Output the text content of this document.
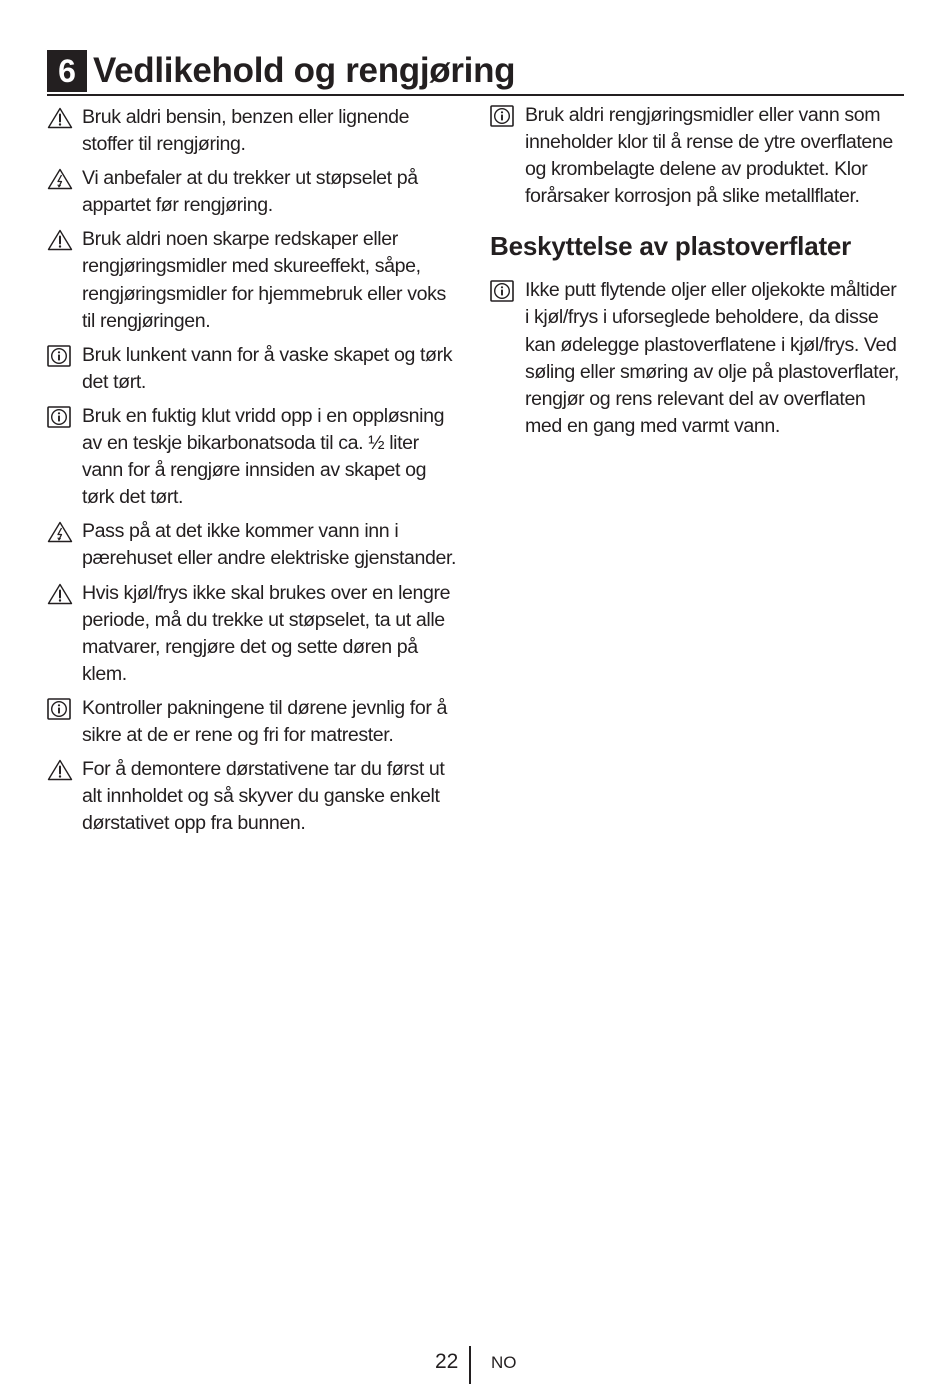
6 Vedlikehold og rengjøring
Bruk aldri bensin, benzen eller lignende stoffer til rengjøring.
Vi anbefaler at du trekker ut støpselet på appartet før rengjøring.
Bruk aldri noen skarpe redskaper eller rengjøringsmidler med skureeffekt, såpe, rengjøringsmidler for hjemmebruk eller voks til rengjøringen.
Bruk lunkent vann for å vaske skapet og tørk det tørt.
Bruk en fuktig klut vridd opp i en oppløsning av en teskje bikarbonatsoda til ca. ½ liter vann for å rengjøre innsiden av skapet og tørk det tørt.
Pass på at det ikke kommer vann inn i pærehuset eller andre elektriske gjenstander.
Hvis kjøl/frys ikke skal brukes over en lengre periode, må du trekke ut støpselet, ta ut alle matvarer, rengjøre det og sette døren på klem.
Kontroller pakningene til dørene jevnlig for å sikre at de er rene og fri for matrester.
For å demontere dørstativene tar du først ut alt innholdet og så skyver du ganske enkelt dørstativet opp fra bunnen.
Bruk aldri rengjøringsmidler eller vann som inneholder klor til å rense de ytre overflatene og krombelagte delene av produktet. Klor forårsaker korrosjon på slike metallflater.
Beskyttelse av plastoverflater
Ikke putt flytende oljer eller oljekokte måltider i kjøl/frys i uforseglede beholdere, da disse kan ødelegge plastoverflatene i kjøl/frys. Ved søling eller smøring av olje på plastoverflater, rengjør og rens relevant del av overflaten med en gang med varmt vann.
22 NO
